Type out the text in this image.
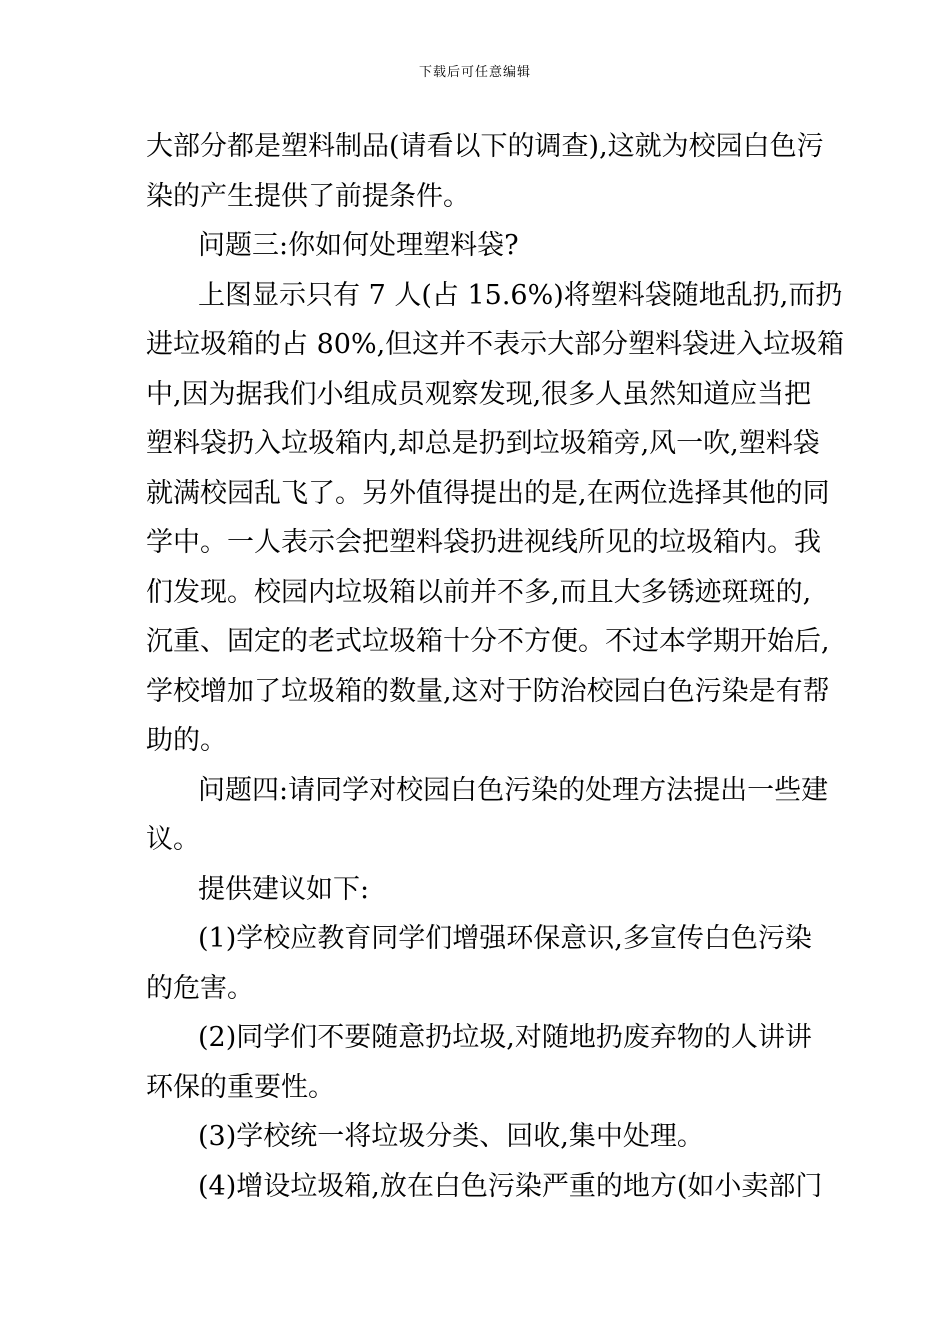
下载后可任意编辑

大部分都是塑料制品(请看以下的调查),这就为校园白色污
染的产生提供了前提条件。

问题三:你如何处理塑料袋?

上图显示只有 7 人(占 15.6%)将塑料袋随地乱扔,而扔
进垃圾箱的占 80%,但这并不表示大部分塑料袋进入垃圾箱
中,因为据我们小组成员观察发现,很多人虽然知道应当把
塑料袋扔入垃圾箱内,却总是扔到垃圾箱旁,风一吹,塑料袋
就满校园乱飞了。另外值得提出的是,在两位选择其他的同
学中。一人表示会把塑料袋扔进视线所见的垃圾箱内。我
们发现。校园内垃圾箱以前并不多,而且大多锈迹斑斑的,
沉重、固定的老式垃圾箱十分不方便。不过本学期开始后,
学校增加了垃圾箱的数量,这对于防治校园白色污染是有帮
助的。

问题四:请同学对校园白色污染的处理方法提出一些建
议。

提供建议如下:

(1)学校应教育同学们增强环保意识,多宣传白色污染
的危害。

(2)同学们不要随意扔垃圾,对随地扔废弃物的人讲讲
环保的重要性。

(3)学校统一将垃圾分类、回收,集中处理。

(4)增设垃圾箱,放在白色污染严重的地方(如小卖部门
